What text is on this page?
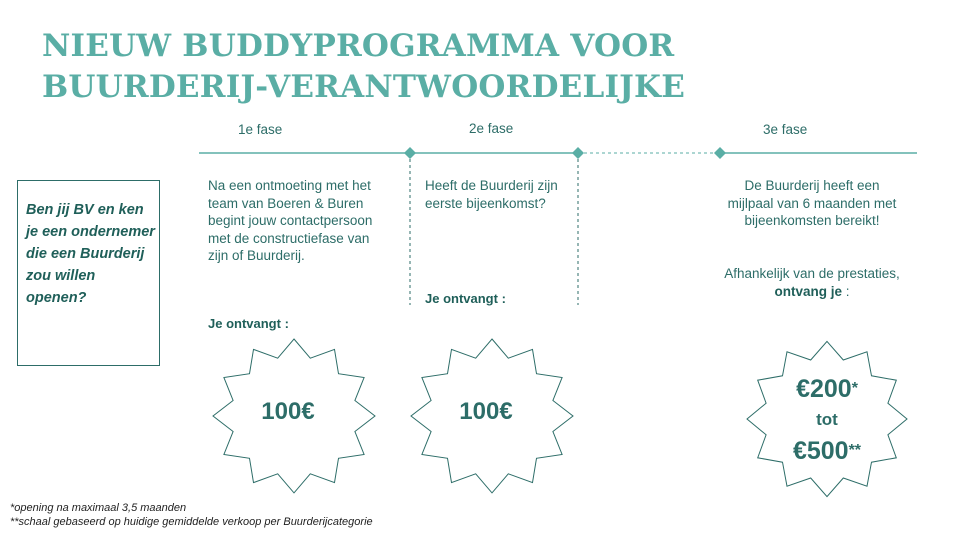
NIEUW BUDDYPROGRAMMA VOOR
BUURDERIJ-VERANTWOORDELIJKE
1e fase	2e fase	3e fase
Ben jij BV en ken je een ondernemer die een Buurderij zou willen openen?
Na een ontmoeting met het team van Boeren & Buren begint jouw contactpersoon met de constructiefase van zijn of Buurderij.
Je ontvangt :
Heeft de Buurderij zijn eerste bijeenkomst?
Je ontvangt :
De Buurderij heeft een mijlpaal van 6 maanden met bijeenkomsten bereikt!
Afhankelijk van de prestaties, ontvang je :
100€	100€
€200*
tot
€500**
*opening na maximaal 3,5 maanden
**schaal gebaseerd op huidige gemiddelde verkoop per Buurderijcategorie
